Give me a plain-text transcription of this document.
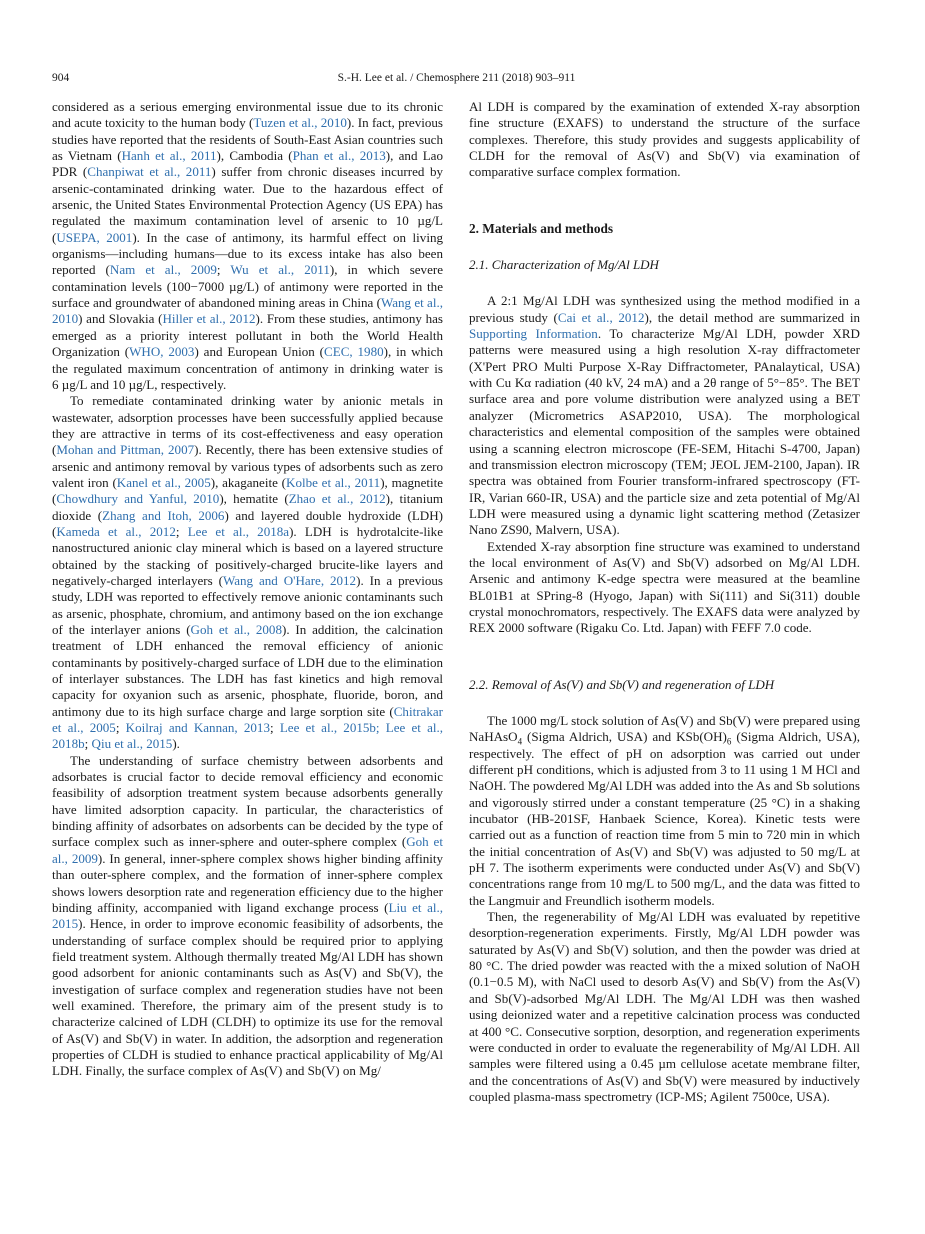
904	S.-H. Lee et al. / Chemosphere 211 (2018) 903–911

considered as a serious emerging environmental issue due to its chronic and acute toxicity to the human body (Tuzen et al., 2010). In fact, previous studies have reported that the residents of South-East Asian countries such as Vietnam (Hanh et al., 2011), Cambodia (Phan et al., 2013), and Lao PDR (Chanpiwat et al., 2011) suffer from chronic diseases incurred by arsenic-contaminated drinking water. Due to the hazardous effect of arsenic, the United States Environmental Protection Agency (US EPA) has regulated the maximum contamination level of arsenic to 10 µg/L (USEPA, 2001). In the case of antimony, its harmful effect on living organisms—including humans—due to its excess intake has also been reported (Nam et al., 2009; Wu et al., 2011), in which severe contamination levels (100−7000 µg/L) of antimony were reported in the surface and groundwater of abandoned mining areas in China (Wang et al., 2010) and Slovakia (Hiller et al., 2012). From these studies, antimony has emerged as a priority interest pollutant in both the World Health Organization (WHO, 2003) and European Union (CEC, 1980), in which the regulated maximum concentration of antimony in drinking water is 6 µg/L and 10 µg/L, respectively.

To remediate contaminated drinking water by anionic metals in wastewater, adsorption processes have been successfully applied because they are attractive in terms of its cost-effectiveness and easy operation (Mohan and Pittman, 2007). Recently, there has been extensive studies of arsenic and antimony removal by various types of adsorbents such as zero valent iron (Kanel et al., 2005), akaganeite (Kolbe et al., 2011), magnetite (Chowdhury and Yanful, 2010), hematite (Zhao et al., 2012), titanium dioxide (Zhang and Itoh, 2006) and layered double hydroxide (LDH) (Kameda et al., 2012; Lee et al., 2018a). LDH is hydrotalcite-like nanostructured anionic clay mineral which is based on a layered structure obtained by the stacking of positively-charged brucite-like layers and negatively-charged interlayers (Wang and O'Hare, 2012). In a previous study, LDH was reported to effectively remove anionic contaminants such as arsenic, phosphate, chromium, and antimony based on the ion exchange of the interlayer anions (Goh et al., 2008). In addition, the calcination treatment of LDH enhanced the removal efficiency of anionic contaminants by positively-charged surface of LDH due to the elimination of interlayer substances. The LDH has fast kinetics and high removal capacity for oxyanion such as arsenic, phosphate, fluoride, boron, and antimony due to its high surface charge and large sorption site (Chitrakar et al., 2005; Koilraj and Kannan, 2013; Lee et al., 2015b; Lee et al., 2018b; Qiu et al., 2015).

The understanding of surface chemistry between adsorbents and adsorbates is crucial factor to decide removal efficiency and economic feasibility of adsorption treatment system because adsorbents generally have limited adsorption capacity. In particular, the characteristics of binding affinity of adsorbates on adsorbents can be decided by the type of surface complex such as inner-sphere and outer-sphere complex (Goh et al., 2009). In general, inner-sphere complex shows higher binding affinity than outer-sphere complex, and the formation of inner-sphere complex shows lowers desorption rate and regeneration efficiency due to the higher binding affinity, accompanied with ligand exchange process (Liu et al., 2015). Hence, in order to improve economic feasibility of adsorbents, the understanding of surface complex should be required prior to applying field treatment system. Although thermally treated Mg/Al LDH has shown good adsorbent for anionic contaminants such as As(V) and Sb(V), the investigation of surface complex and regeneration studies have not been well examined. Therefore, the primary aim of the present study is to characterize calcined of LDH (CLDH) to optimize its use for the removal of As(V) and Sb(V) in water. In addition, the adsorption and regeneration properties of CLDH is studied to enhance practical applicability of Mg/Al LDH. Finally, the surface complex of As(V) and Sb(V) on Mg/

Al LDH is compared by the examination of extended X-ray absorption fine structure (EXAFS) to understand the structure of the surface complexes. Therefore, this study provides and suggests applicability of CLDH for the removal of As(V) and Sb(V) via examination of comparative surface complex formation.

2. Materials and methods
2.1. Characterization of Mg/Al LDH

A 2:1 Mg/Al LDH was synthesized using the method modified in a previous study (Cai et al., 2012), the detail method are summarized in Supporting Information. To characterize Mg/Al LDH, powder XRD patterns were measured using a high resolution X-ray diffractometer (X'Pert PRO Multi Purpose X-Ray Diffractometer, PAnalaytical, USA) with Cu Kα radiation (40 kV, 24 mA) and a 2θ range of 5°−85°. The BET surface area and pore volume distribution were analyzed using a BET analyzer (Micrometrics ASAP2010, USA). The morphological characteristics and elemental composition of the samples were obtained using a scanning electron microscope (FE-SEM, Hitachi S-4700, Japan) and transmission electron microscopy (TEM; JEOL JEM-2100, Japan). IR spectra was obtained from Fourier transform-infrared spectroscopy (FT-IR, Varian 660-IR, USA) and the particle size and zeta potential of Mg/Al LDH were measured using a dynamic light scattering method (Zetasizer Nano ZS90, Malvern, USA).

Extended X-ray absorption fine structure was examined to understand the local environment of As(V) and Sb(V) adsorbed on Mg/Al LDH. Arsenic and antimony K-edge spectra were measured at the beamline BL01B1 at SPring-8 (Hyogo, Japan) with Si(111) and Si(311) double crystal monochromators, respectively. The EXAFS data were analyzed by REX 2000 software (Rigaku Co. Ltd. Japan) with FEFF 7.0 code.

2.2. Removal of As(V) and Sb(V) and regeneration of LDH

The 1000 mg/L stock solution of As(V) and Sb(V) were prepared using NaHAsO$_4$ (Sigma Aldrich, USA) and $KSb(OH)_6$ (Sigma Aldrich, USA), respectively. The effect of pH on adsorption was carried out under different pH conditions, which is adjusted from 3 to 11 using 1 M HCl and NaOH. The powdered Mg/Al LDH was added into the As and Sb solutions and vigorously stirred under a constant temperature (25 °C) in a shaking incubator (HB-201SF, Hanbaek Science, Korea). Kinetic tests were carried out as a function of reaction time from 5 min to 720 min in which the initial concentration of As(V) and Sb(V) was adjusted to 50 mg/L at pH 7. The isotherm experiments were conducted under As(V) and Sb(V) concentrations range from 10 mg/L to 500 mg/L, and the data was fitted to the Langmuir and Freundlich isotherm models.

Then, the regenerability of Mg/Al LDH was evaluated by repetitive desorption-regeneration experiments. Firstly, Mg/Al LDH powder was saturated by As(V) and Sb(V) solution, and then the powder was dried at 80 °C. The dried powder was reacted with the a mixed solution of NaOH (0.1−0.5 M), with NaCl used to desorb As(V) and Sb(V) from the As(V) and Sb(V)-adsorbed Mg/Al LDH. The Mg/Al LDH was then washed using deionized water and a repetitive calcination process was conducted at 400 °C. Consecutive sorption, desorption, and regeneration experiments were conducted in order to evaluate the regenerability of Mg/Al LDH. All samples were filtered using a 0.45 µm cellulose acetate membrane filter, and the concentrations of As(V) and Sb(V) were measured by inductively coupled plasma-mass spectrometry (ICP-MS; Agilent 7500ce, USA).
